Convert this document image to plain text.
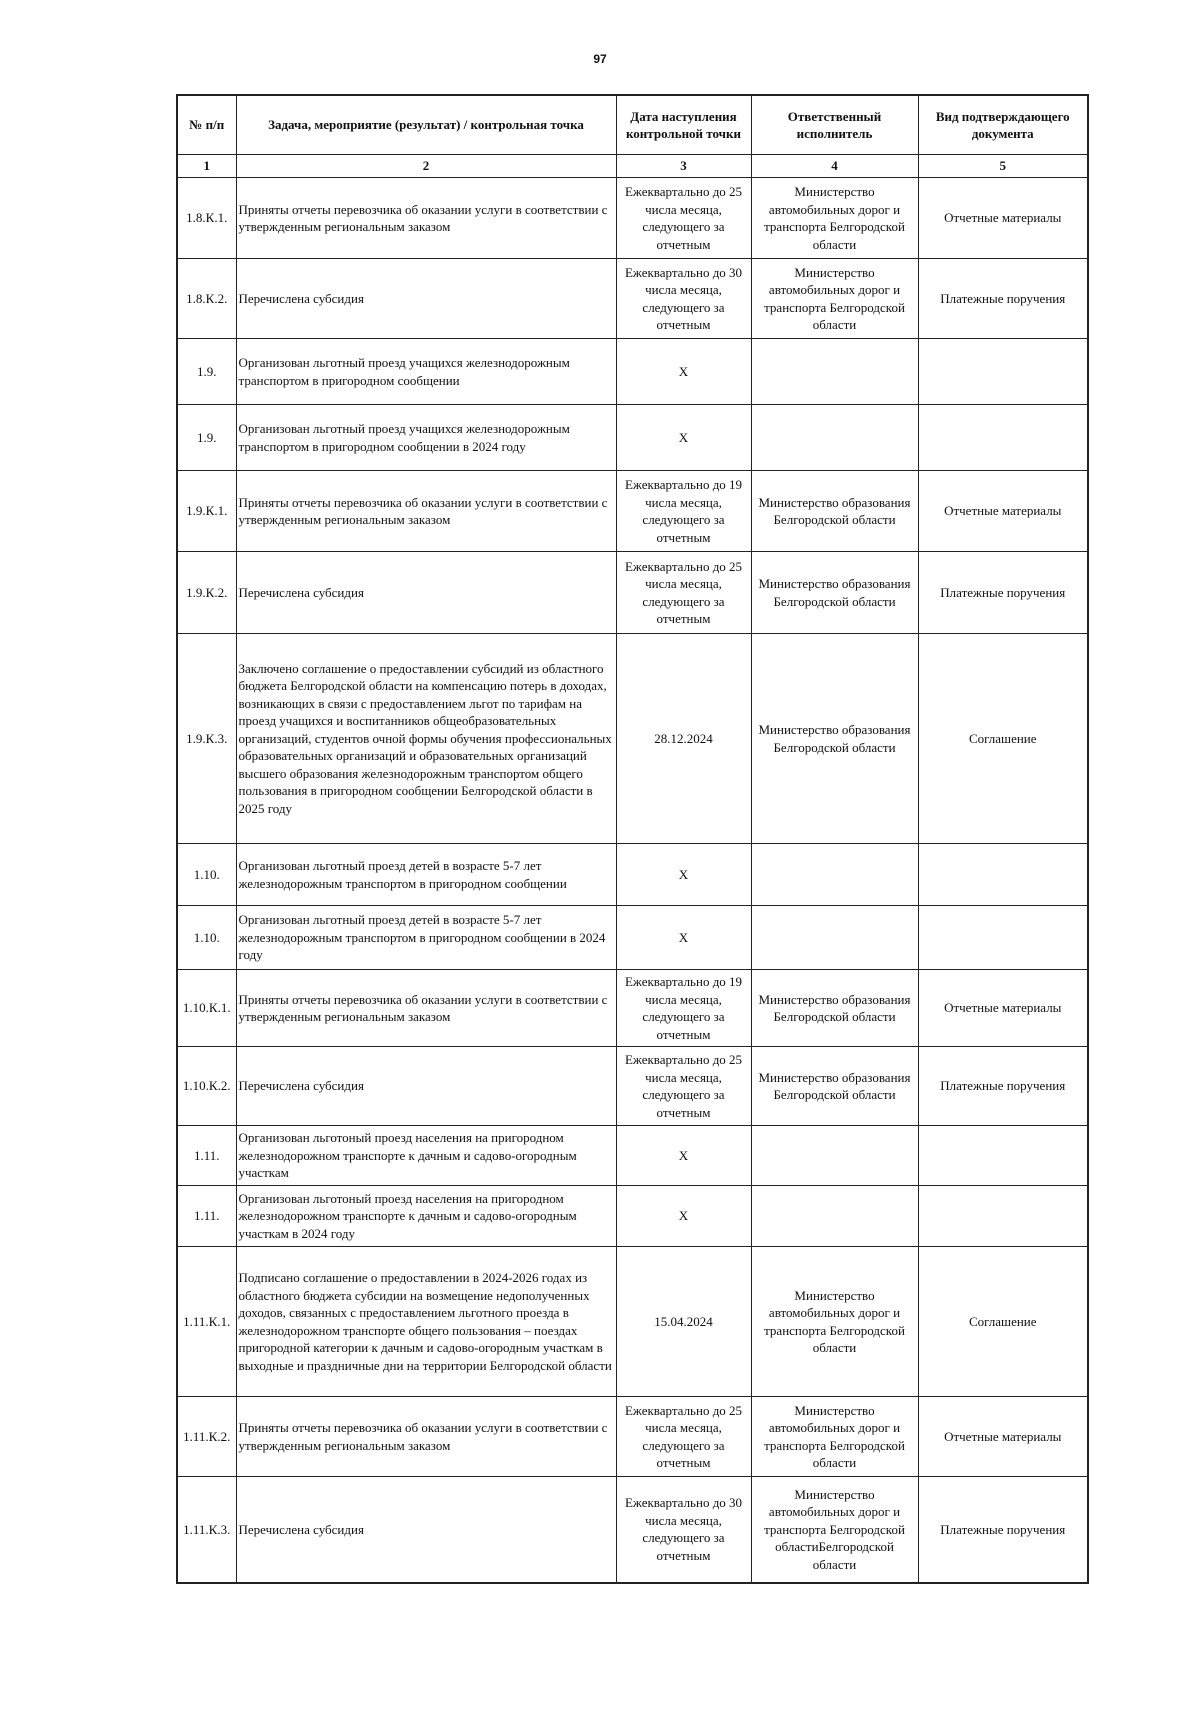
97
№ п/п	Задача, мероприятие (результат) / контрольная точка	Дата наступления контрольной точки	Ответственный исполнитель	Вид подтверждающего документа
1	2	3	4	5
1.8.К.1.	Приняты отчеты перевозчика об оказании услуги в соответствии с утвержденным региональным заказом	Ежеквартально до 25 числа месяца, следующего за отчетным	Министерство автомобильных дорог и транспорта Белгородской области	Отчетные материалы
1.8.К.2.	Перечислена субсидия	Ежеквартально до 30 числа месяца, следующего за отчетным	Министерство автомобильных дорог и транспорта Белгородской области	Платежные поручения
1.9.	Организован льготный проезд учащихся железнодорожным транспортом в пригородном сообщении	Х		
1.9.	Организован льготный проезд учащихся железнодорожным транспортом в пригородном сообщении в 2024 году	Х		
1.9.К.1.	Приняты отчеты перевозчика об оказании услуги в соответствии с утвержденным региональным заказом	Ежеквартально до 19 числа месяца, следующего за отчетным	Министерство образования Белгородской области	Отчетные материалы
1.9.К.2.	Перечислена субсидия	Ежеквартально до 25 числа месяца, следующего за отчетным	Министерство образования Белгородской области	Платежные поручения
1.9.К.3.	Заключено соглашение о предоставлении субсидий из областного бюджета Белгородской области на компенсацию потерь в доходах, возникающих в связи с предоставлением льгот по тарифам на проезд учащихся и воспитанников общеобразовательных организаций, студентов очной формы обучения профессиональных образовательных организаций и образовательных организаций высшего образования железнодорожным транспортом общего пользования в пригородном сообщении Белгородской области в 2025 году	28.12.2024	Министерство образования Белгородской области	Соглашение
1.10.	Организован льготный проезд детей в возрасте 5-7 лет железнодорожным транспортом в пригородном сообщении	Х		
1.10.	Организован льготный проезд детей в возрасте 5-7 лет железнодорожным транспортом в пригородном сообщении в 2024 году	Х		
1.10.К.1.	Приняты отчеты перевозчика об оказании услуги в соответствии с утвержденным региональным заказом	Ежеквартально до 19 числа месяца, следующего за отчетным	Министерство образования Белгородской области	Отчетные материалы
1.10.К.2.	Перечислена субсидия	Ежеквартально до 25 числа месяца, следующего за отчетным	Министерство образования Белгородской области	Платежные поручения
1.11.	Организован льготоный проезд населения на пригородном железнодорожном транспорте к дачным и садово-огородным участкам	Х		
1.11.	Организован льготоный проезд населения на пригородном железнодорожном транспорте к дачным и садово-огородным участкам в 2024 году	Х		
1.11.К.1.	Подписано соглашение о предоставлении в 2024-2026 годах из областного бюджета субсидии на возмещение недополученных доходов, связанных с предоставлением льготного проезда в железнодорожном транспорте общего пользования – поездах пригородной категории к дачным и садово-огородным участкам в выходные и праздничные дни на территории Белгородской области	15.04.2024	Министерство автомобильных дорог и транспорта Белгородской области	Соглашение
1.11.К.2.	Приняты отчеты перевозчика об оказании услуги в соответствии с утвержденным региональным заказом	Ежеквартально до 25 числа месяца, следующего за отчетным	Министерство автомобильных дорог и транспорта Белгородской области	Отчетные материалы
1.11.К.3.	Перечислена субсидия	Ежеквартально до 30 числа месяца, следующего за отчетным	Министерство автомобильных дорог и транспорта Белгородской областиБелгородской области	Платежные поручения
